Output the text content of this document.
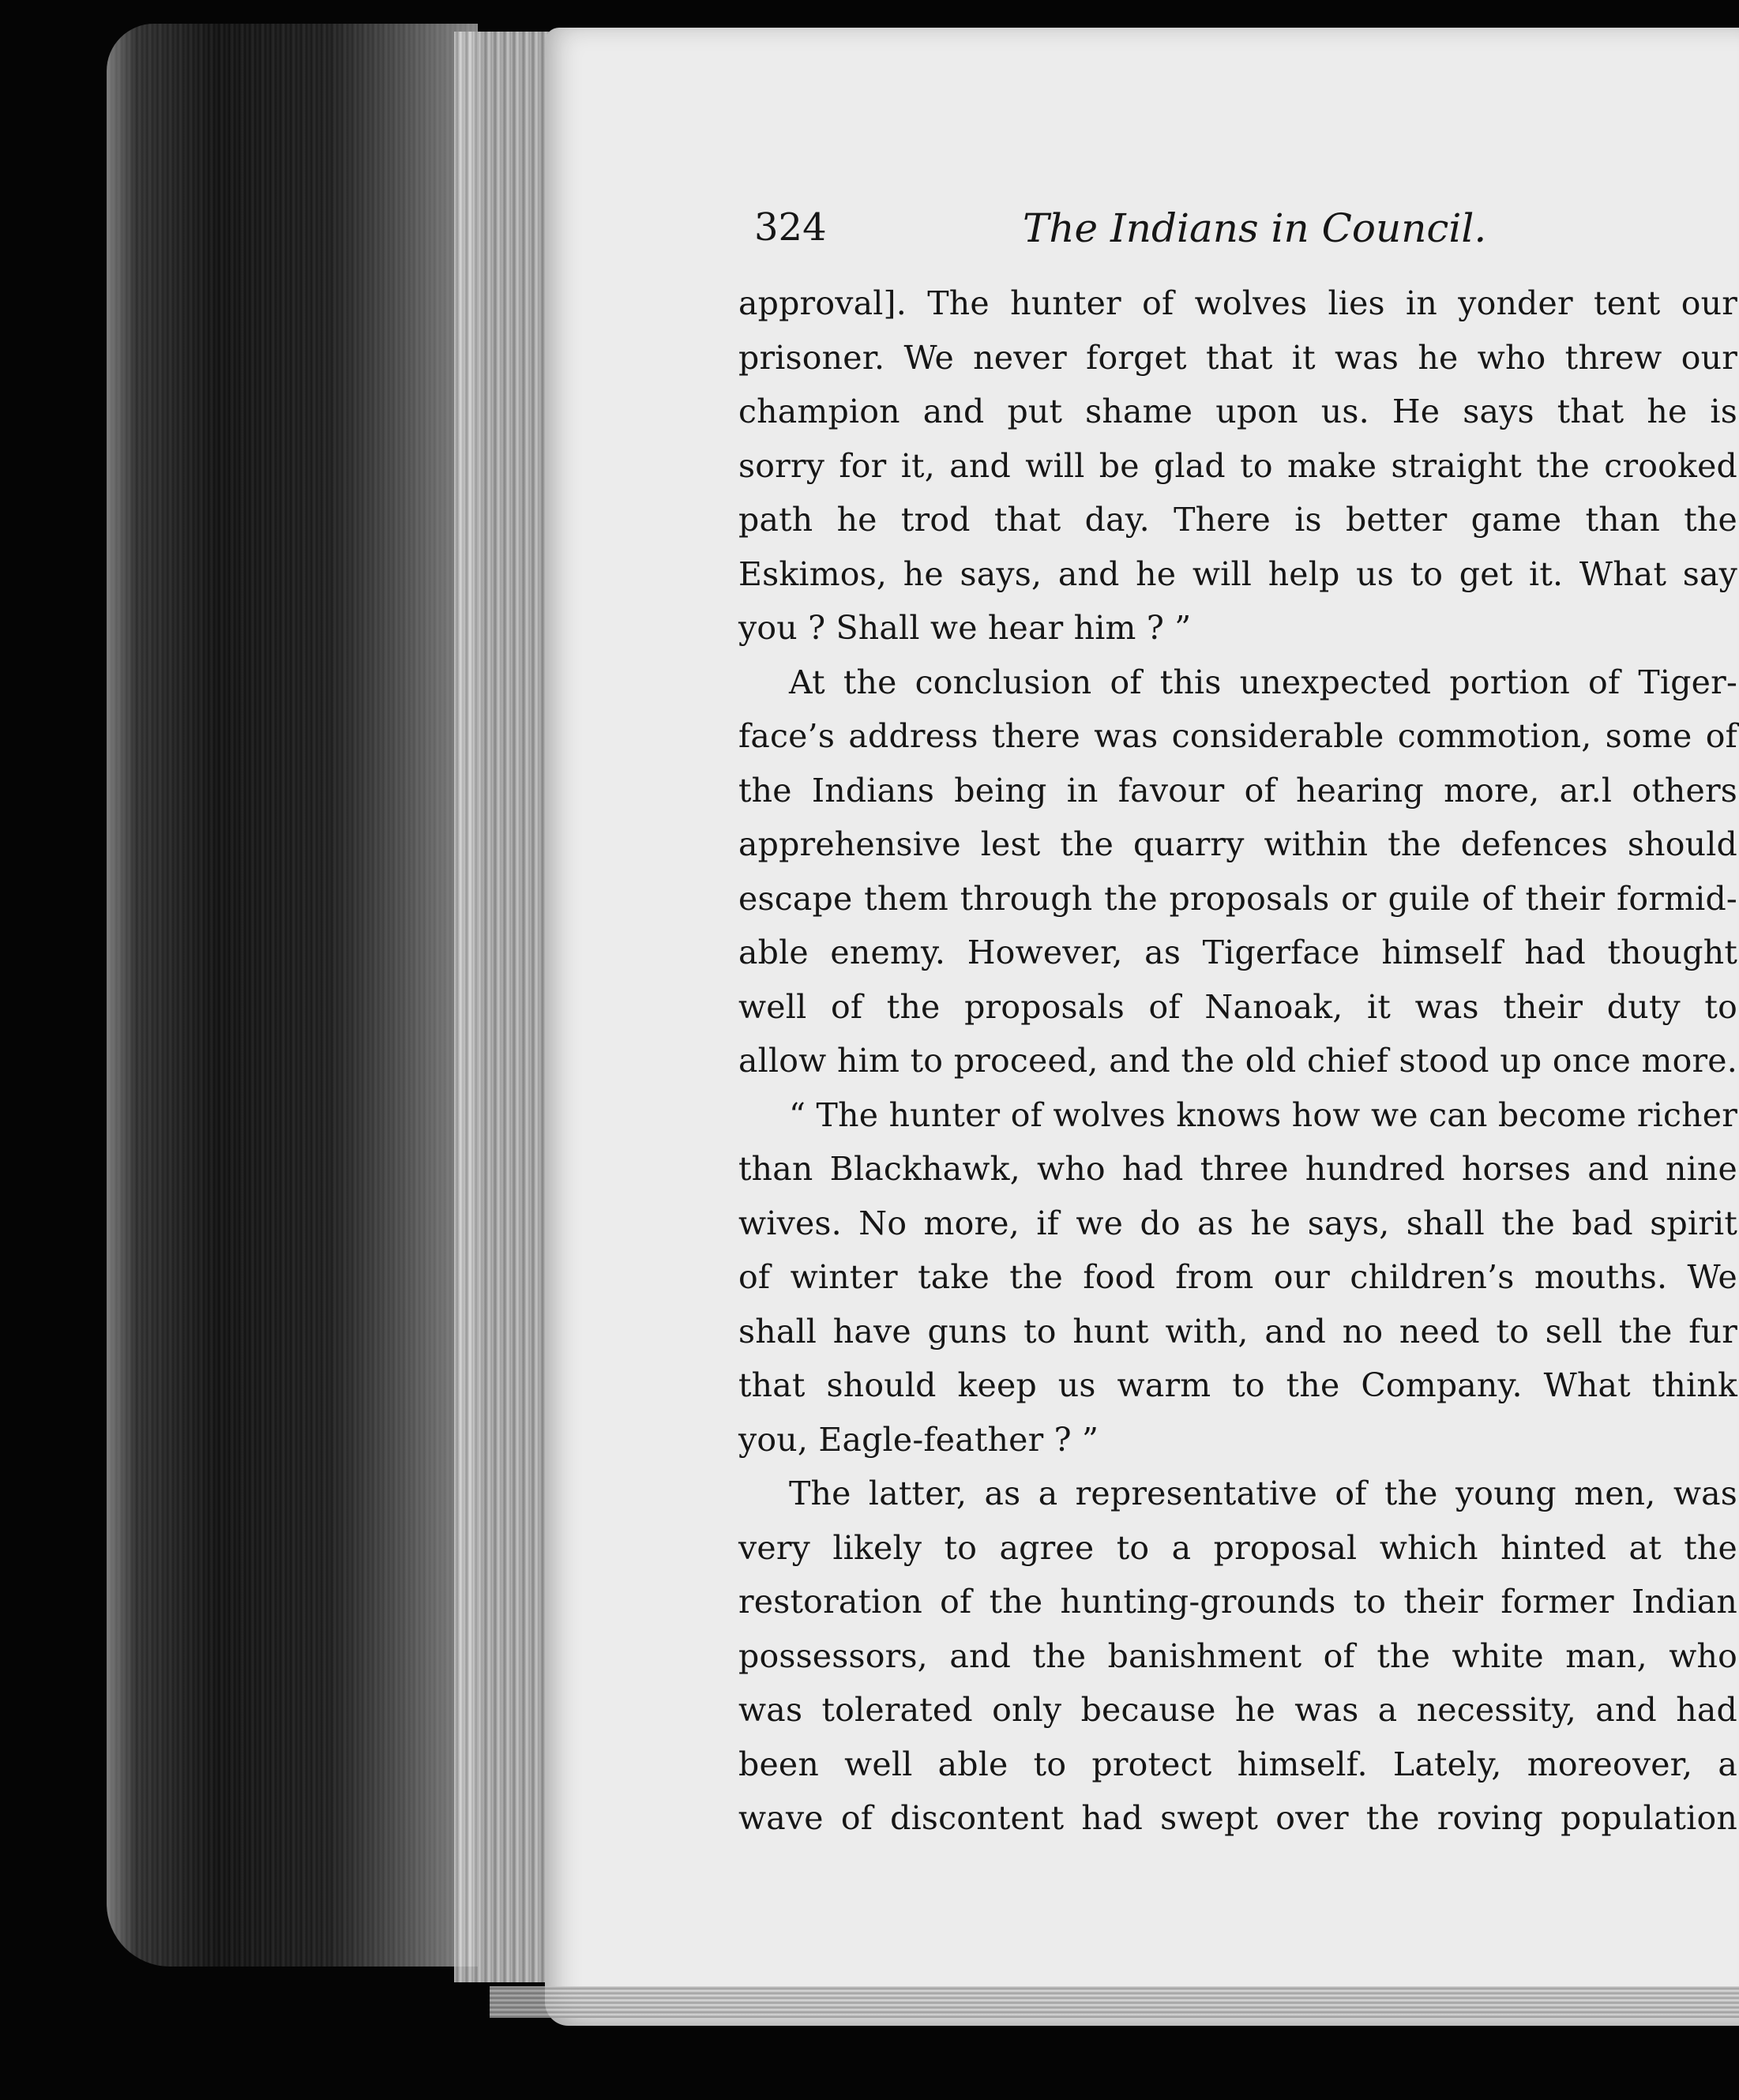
324	The Indians in Council.
approval]. The hunter of wolves lies in yonder tent our
prisoner. We never forget that it was he who threw our
champion and put shame upon us. He says that he is
sorry for it, and will be glad to make straight the crooked
path he trod that day. There is better game than the
Eskimos, he says, and he will help us to get it. What say
you ? Shall we hear him ? ”
At the conclusion of this unexpected portion of Tiger-
face’s address there was considerable commotion, some of
the Indians being in favour of hearing more, ar.l others
apprehensive lest the quarry within the defences should
escape them through the proposals or guile of their formid-
able enemy. However, as Tigerface himself had thought
well of the proposals of Nanoak, it was their duty to
allow him to proceed, and the old chief stood up once more.
“ The hunter of wolves knows how we can become richer
than Blackhawk, who had three hundred horses and nine
wives. No more, if we do as he says, shall the bad spirit
of winter take the food from our children’s mouths. We
shall have guns to hunt with, and no need to sell the fur
that should keep us warm to the Company. What think
you, Eagle-feather ? ”
The latter, as a representative of the young men, was
very likely to agree to a proposal which hinted at the
restoration of the hunting-grounds to their former Indian
possessors, and the banishment of the white man, who
was tolerated only because he was a necessity, and had
been well able to protect himself. Lately, moreover, a
wave of discontent had swept over the roving population
